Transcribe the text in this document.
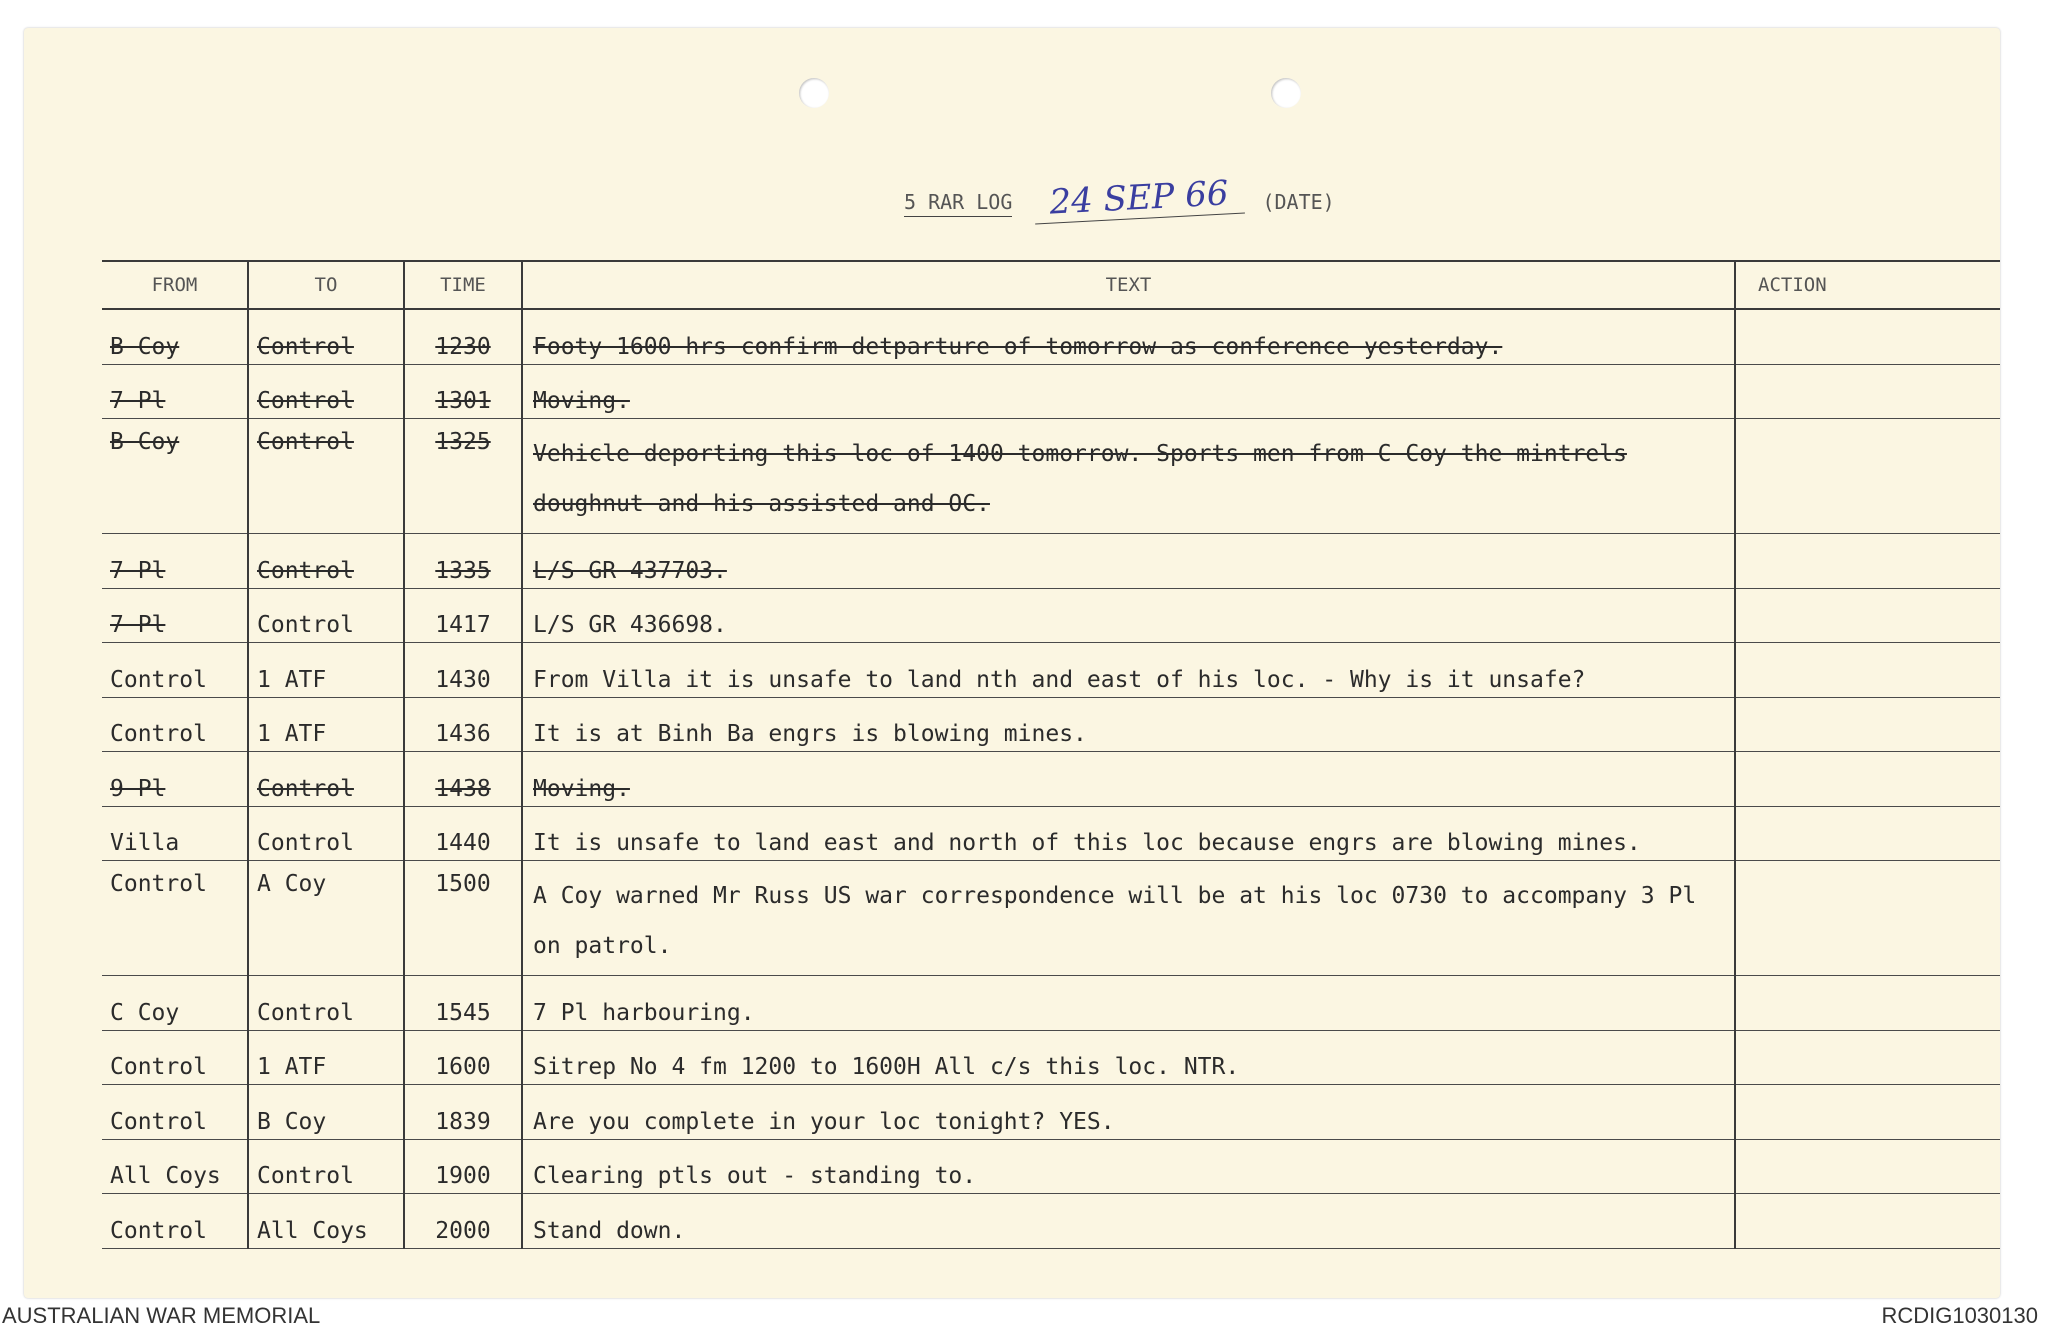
5 RAR LOG 24 SEP 66 (DATE)
FROM	TO	TIME	TEXT	ACTION
B Coy	Control	1230	Footy 1600 hrs confirm detparture of tomorrow as conference yesterday.	
7 Pl	Control	1301	Moving.	
B Coy	Control	1325	Vehicle deporting this loc of 1400 tomorrow. Sports men from C Coy the mintrels doughnut and his assisted and OC.	
7 Pl	Control	1335	L/S GR 437703.	
7 Pl	Control	1417	L/S GR 436698.	
Control	1 ATF	1430	From Villa it is unsafe to land nth and east of his loc. - Why is it unsafe?	
Control	1 ATF	1436	It is at Binh Ba engrs is blowing mines.	
9 Pl	Control	1438	Moving.	
Villa	Control	1440	It is unsafe to land east and north of this loc because engrs are blowing mines.	
Control	A Coy	1500	A Coy warned Mr Russ US war correspondence will be at his loc 0730 to accompany 3 Pl on patrol.	
C Coy	Control	1545	7 Pl harbouring.	
Control	1 ATF	1600	Sitrep No 4 fm 1200 to 1600H All c/s this loc. NTR.	
Control	B Coy	1839	Are you complete in your loc tonight? YES.	
All Coys	Control	1900	Clearing ptls out - standing to.	
Control	All Coys	2000	Stand down.	
AUSTRALIAN WAR MEMORIAL	RCDIG1030130
